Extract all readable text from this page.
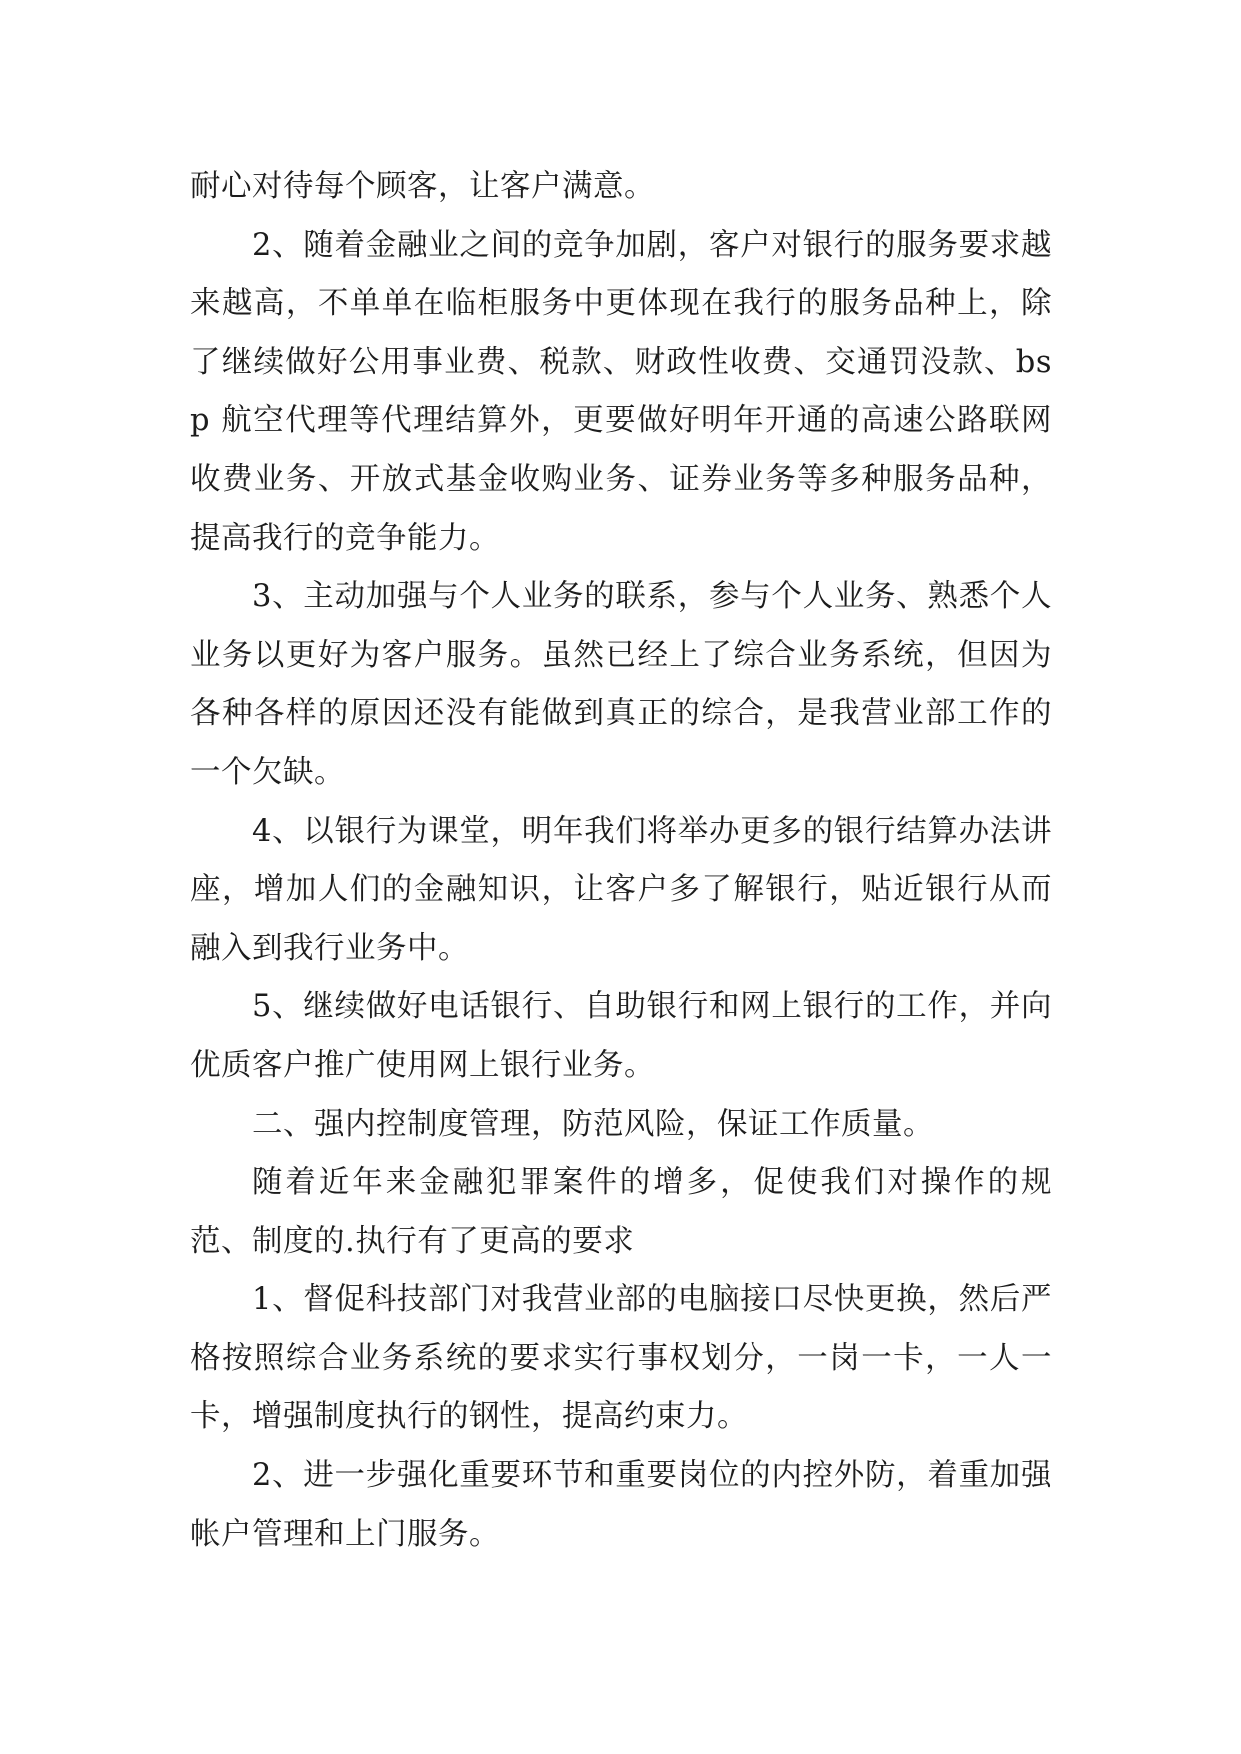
耐心对待每个顾客，让客户满意。

2、随着金融业之间的竞争加剧，客户对银行的服务要求越来越高，不单单在临柜服务中更体现在我行的服务品种上，除了继续做好公用事业费、税款、财政性收费、交通罚没款、bsp 航空代理等代理结算外，更要做好明年开通的高速公路联网收费业务、开放式基金收购业务、证券业务等多种服务品种，提高我行的竞争能力。

3、主动加强与个人业务的联系，参与个人业务、熟悉个人业务以更好为客户服务。虽然已经上了综合业务系统，但因为各种各样的原因还没有能做到真正的综合，是我营业部工作的一个欠缺。

4、以银行为课堂，明年我们将举办更多的银行结算办法讲座，增加人们的金融知识，让客户多了解银行，贴近银行从而融入到我行业务中。

5、继续做好电话银行、自助银行和网上银行的工作，并向优质客户推广使用网上银行业务。

二、强内控制度管理，防范风险，保证工作质量。

随着近年来金融犯罪案件的增多，促使我们对操作的规范、制度的.执行有了更高的要求

1、督促科技部门对我营业部的电脑接口尽快更换，然后严格按照综合业务系统的要求实行事权划分，一岗一卡，一人一卡，增强制度执行的钢性，提高约束力。

2、进一步强化重要环节和重要岗位的内控外防，着重加强帐户管理和上门服务。
